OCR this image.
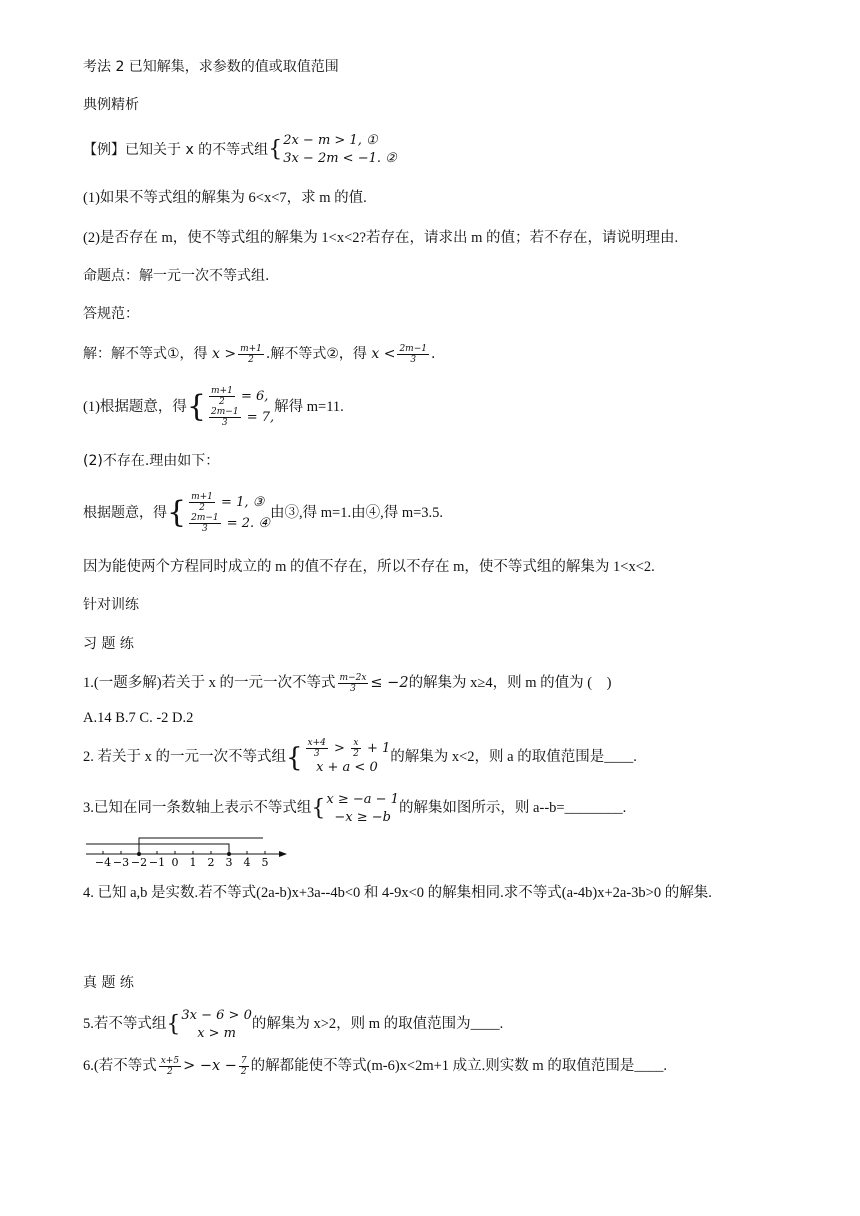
考法 2 已知解集，求参数的值或取值范围
典例精析
【例】已知关于 x 的不等式组 { 2x − m > 1, ①
3x − 2m < −1. ②
(1)如果不等式组的解集为 6<x<7，求 m 的值.
(2)是否存在 m，使不等式组的解集为 1<x<2?若存在，请求出 m 的值；若不存在，请说明理由.
命题点：解一元一次不等式组.
答规范：
解：解不等式①，得 $x > \frac{m+1}{2}$ .解不等式②，得 $x < \frac{2m-1}{3}$ .
(1)根据题意，得 { $\frac{m+1}{2} = 6$,
$\frac{2m-1}{3} = 7$,
解得 m=11.
(2)不存在.理由如下：
根据题意，得 { $\frac{m+1}{2} = 1$, ③
$\frac{2m-1}{3} = 2$. ④
由③,得 m=1.由④,得 m=3.5.
因为能使两个方程同时成立的 m 的值不存在，所以不存在 m，使不等式组的解集为 1<x<2.
针对训练
习 题 练
1.(一题多解)若关于 x 的一元一次不等式 $\frac{m-2x}{3} \le -2$的解集为 x≥4，则 m 的值为 (　)
A.14 B.7 C. -2 D.2
2. 若关于 x 的一元一次不等式组 { $\frac{x+4}{3} > \frac{x}{2} + 1$
x + a < 0
的解集为 x<2，则 a 的取值范围是____.
3.已知在同一条数轴上表示不等式组 { x ≥ −a − 1
−x ≥ −b
的解集如图所示，则 a--b=________.
−4 −3 −2 −1 0 1 2 3 4 5
4. 已知 a,b 是实数.若不等式(2a-b)x+3a--4b<0 和 4-9x<0 的解集相同.求不等式(a-4b)x+2a-3b>0 的解集.
真 题 练
5.若不等式组 { 3x − 6 > 0
x > m
的解集为 x>2，则 m 的取值范围为____.
6.(若不等式 $\frac{x+5}{2} > -x - \frac{7}{2}$ 的解都能使不等式(m-6)x<2m+1 成立.则实数 m 的取值范围是____.
